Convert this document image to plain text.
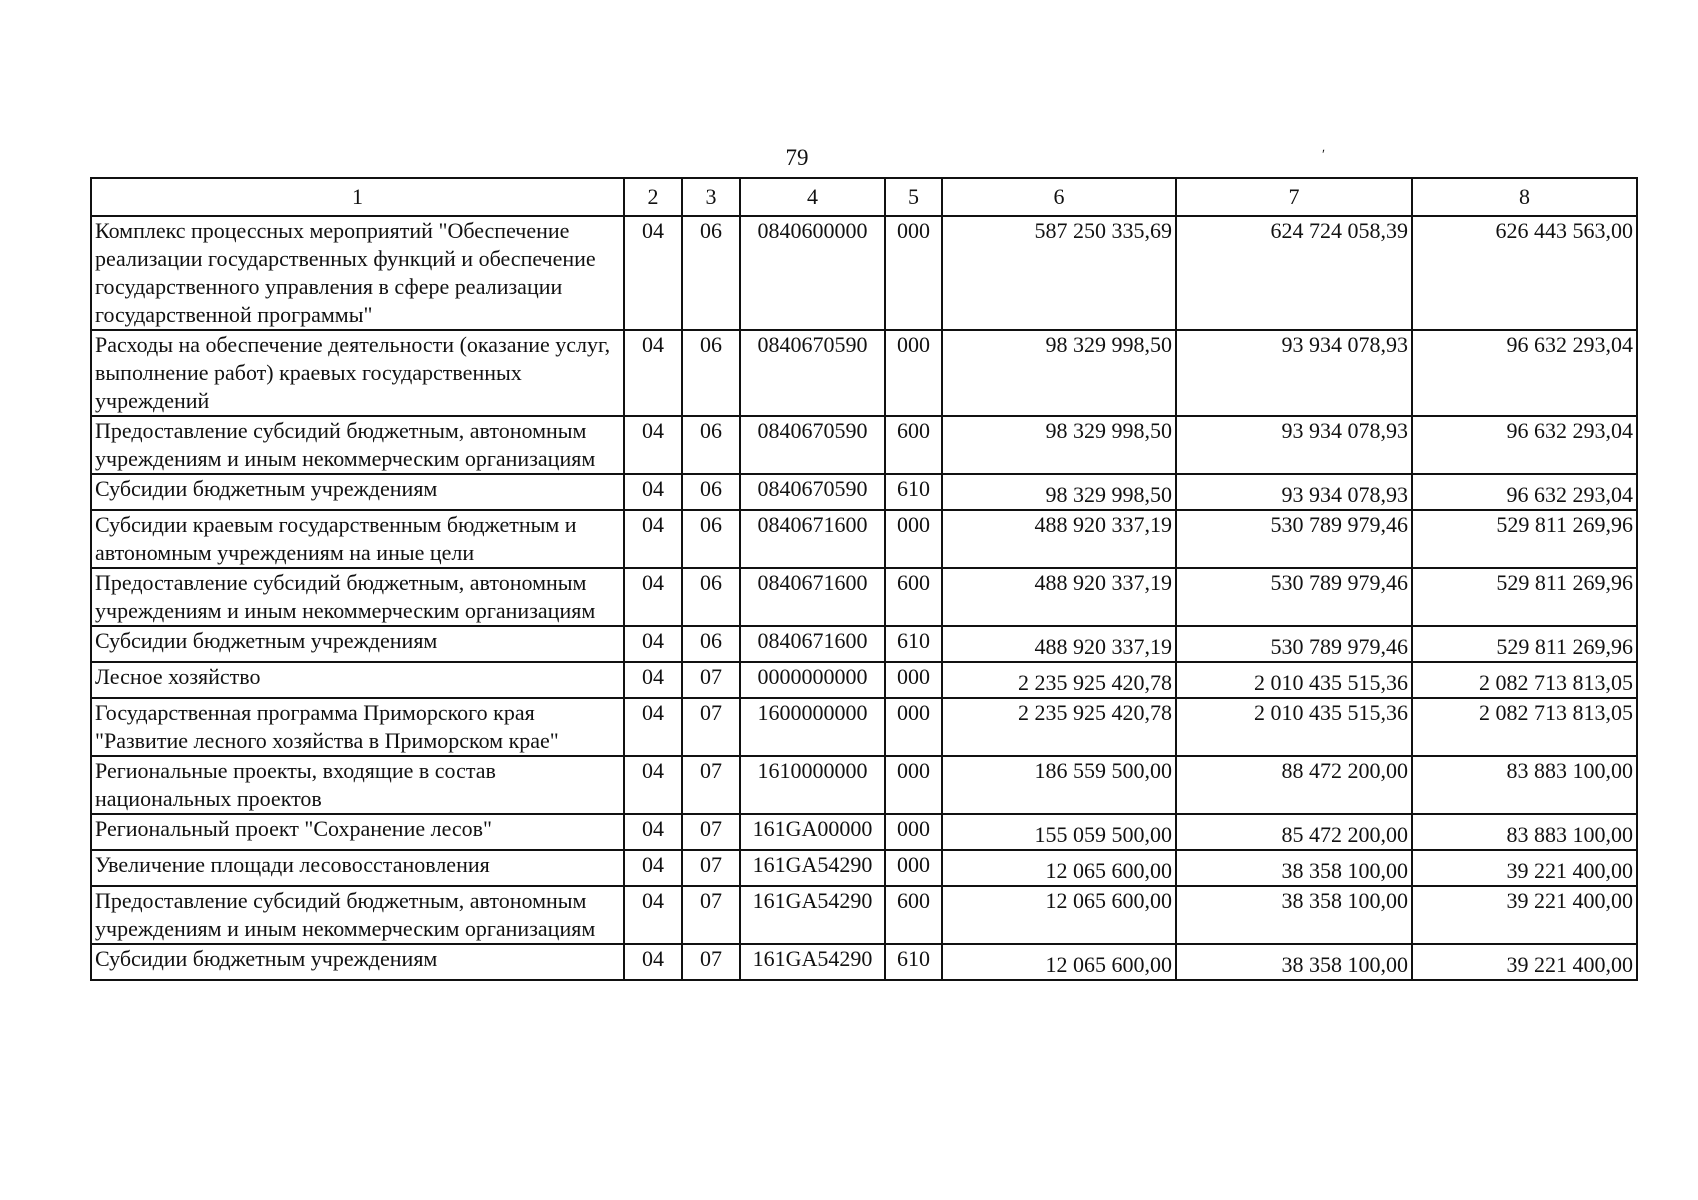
79	ʹ
1	2	3	4	5	6	7	8
Комплекс процессных мероприятий "Обеспечение реализации государственных функций и обеспечение государственного управления в сфере реализации государственной программы"	04	06	0840600000	000	587 250 335,69	624 724 058,39	626 443 563,00
Расходы на обеспечение деятельности (оказание услуг, выполнение работ) краевых государственных учреждений	04	06	0840670590	000	98 329 998,50	93 934 078,93	96 632 293,04
Предоставление субсидий бюджетным, автономным учреждениям и иным некоммерческим организациям	04	06	0840670590	600	98 329 998,50	93 934 078,93	96 632 293,04
Субсидии бюджетным учреждениям	04	06	0840670590	610	98 329 998,50	93 934 078,93	96 632 293,04
Субсидии краевым государственным бюджетным и автономным учреждениям на иные цели	04	06	0840671600	000	488 920 337,19	530 789 979,46	529 811 269,96
Предоставление субсидий бюджетным, автономным учреждениям и иным некоммерческим организациям	04	06	0840671600	600	488 920 337,19	530 789 979,46	529 811 269,96
Субсидии бюджетным учреждениям	04	06	0840671600	610	488 920 337,19	530 789 979,46	529 811 269,96
Лесное хозяйство	04	07	0000000000	000	2 235 925 420,78	2 010 435 515,36	2 082 713 813,05
Государственная программа Приморского края "Развитие лесного хозяйства в Приморском крае"	04	07	1600000000	000	2 235 925 420,78	2 010 435 515,36	2 082 713 813,05
Региональные проекты, входящие в состав национальных проектов	04	07	1610000000	000	186 559 500,00	88 472 200,00	83 883 100,00
Региональный проект "Сохранение лесов"	04	07	161GA00000	000	155 059 500,00	85 472 200,00	83 883 100,00
Увеличение площади лесовосстановления	04	07	161GA54290	000	12 065 600,00	38 358 100,00	39 221 400,00
Предоставление субсидий бюджетным, автономным учреждениям и иным некоммерческим организациям	04	07	161GA54290	600	12 065 600,00	38 358 100,00	39 221 400,00
Субсидии бюджетным учреждениям	04	07	161GA54290	610	12 065 600,00	38 358 100,00	39 221 400,00
